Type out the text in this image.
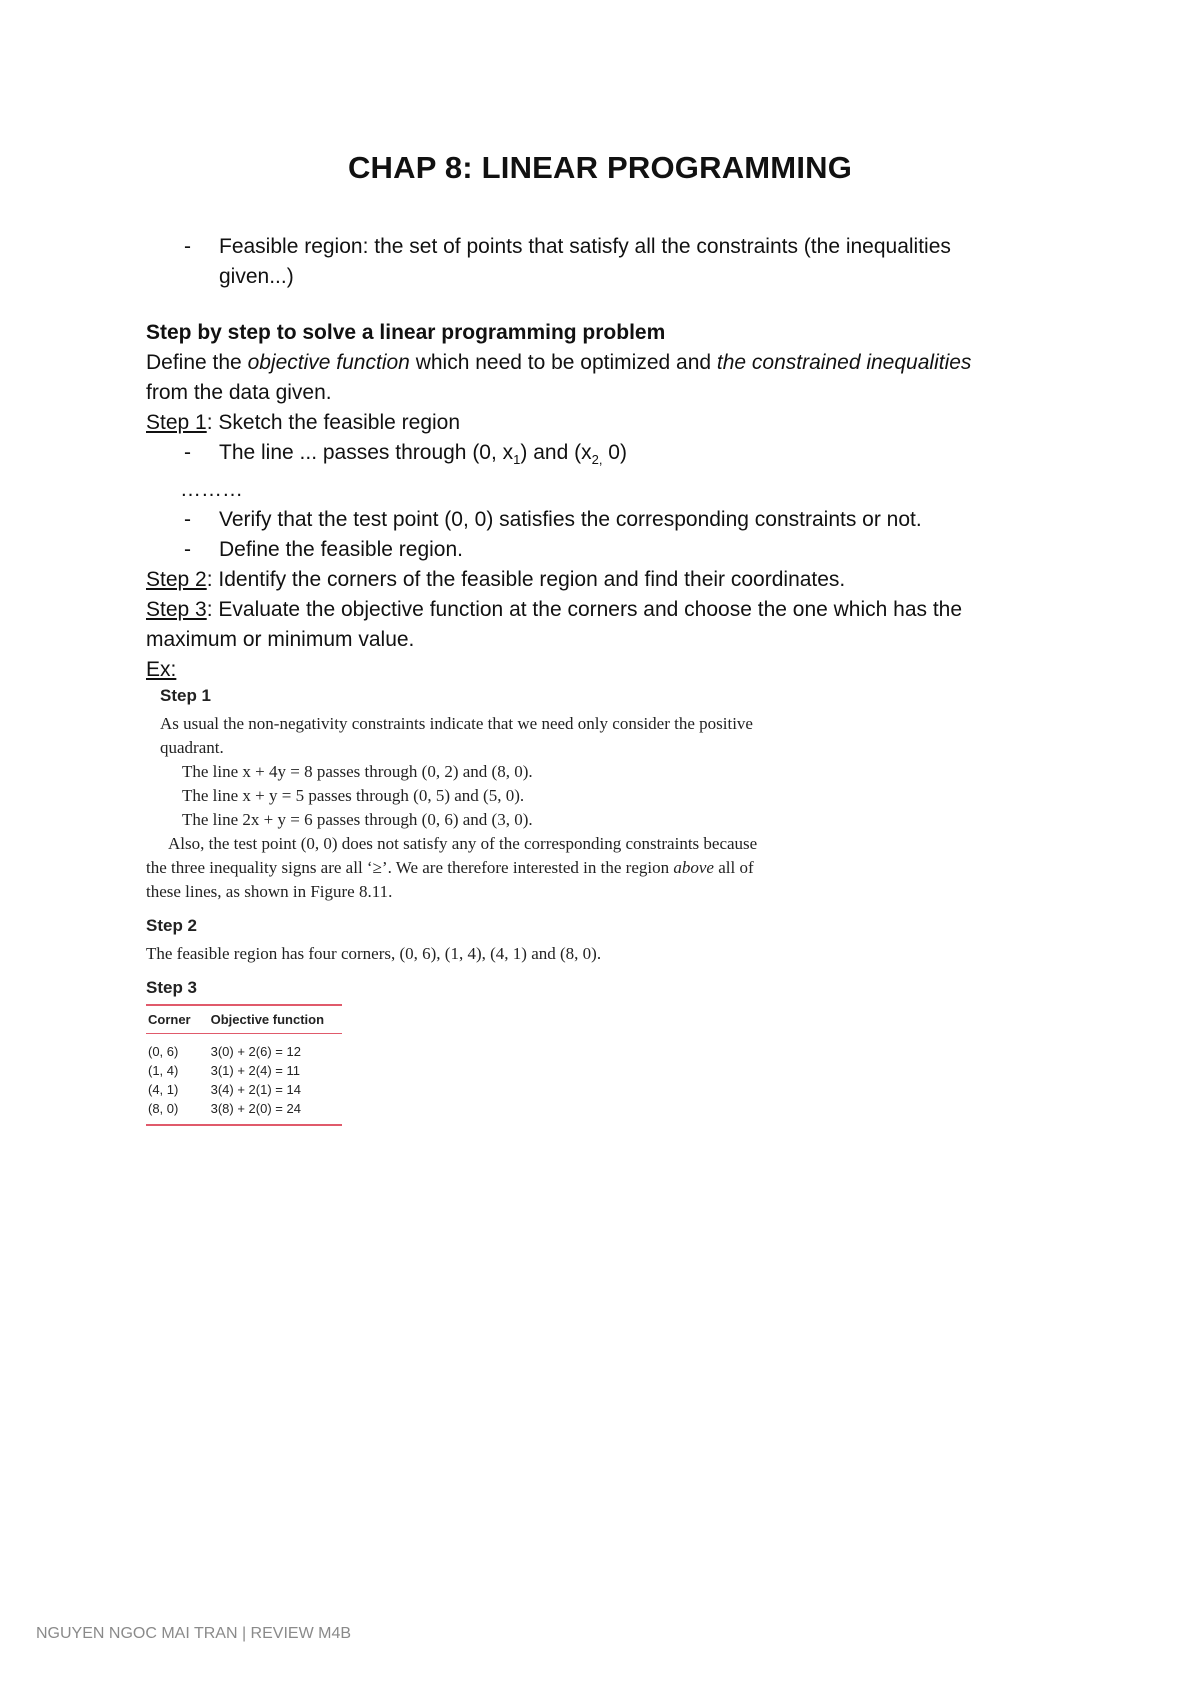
CHAP 8: LINEAR PROGRAMMING
- Feasible region: the set of points that satisfy all the constraints (the inequalities
given...)
Step by step to solve a linear programming problem
Define the objective function which need to be optimized and the constrained inequalities
from the data given.
Step 1: Sketch the feasible region
- The line ... passes through (0, $x_1$) and ($x_{2,}$ 0)
………
- Verify that the test point (0, 0) satisfies the corresponding constraints or not.
- Define the feasible region.
Step 2: Identify the corners of the feasible region and find their coordinates.
Step 3: Evaluate the objective function at the corners and choose the one which has the
maximum or minimum value.
Ex:
Step 1

As usual the non-negativity constraints indicate that we need only consider the positive

quadrant.

The line x + 4y = 8 passes through (0, 2) and (8, 0).

The line x + y = 5 passes through (0, 5) and (5, 0).

The line 2x + y = 6 passes through (0, 6) and (3, 0).

Also, the test point (0, 0) does not satisfy any of the corresponding constraints because

the three inequality signs are all ‘≥’. We are therefore interested in the region above all of

these lines, as shown in Figure 8.11.

Step 2

The feasible region has four corners, (0, 6), (1, 4), (4, 1) and (8, 0).

Step 3
Corner	Objective function
(0, 6)	3(0) + 2(6) = 12
(1, 4)	3(1) + 2(4) = 11
(4, 1)	3(4) + 2(1) = 14
(8, 0)	3(8) + 2(0) = 24
NGUYEN NGOC MAI TRAN | REVIEW M4B
